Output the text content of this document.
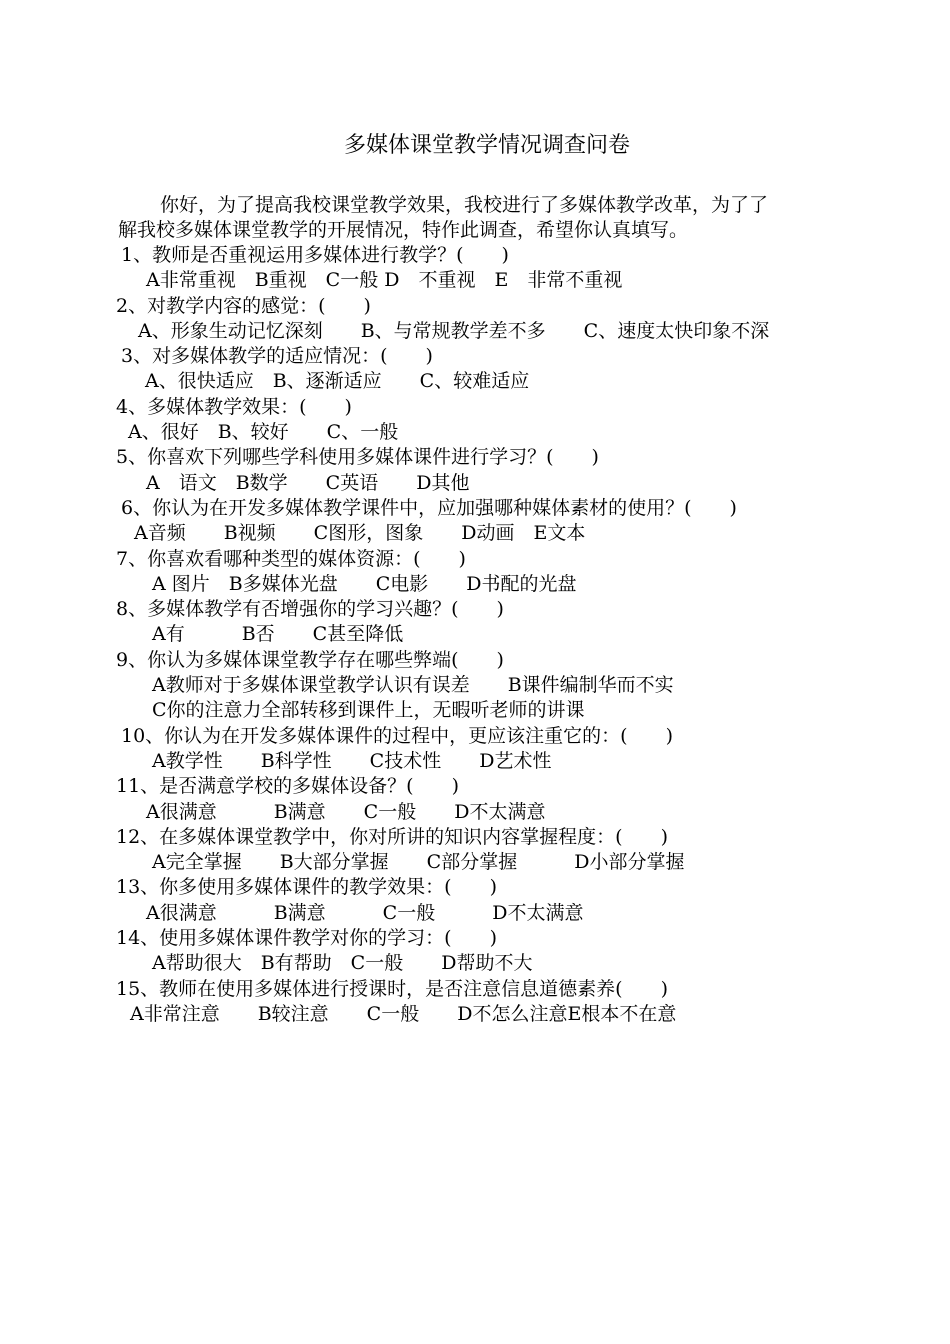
多媒体课堂教学情况调查问卷

你好，为了提高我校课堂教学效果，我校进行了多媒体教学改革，为了了

解我校多媒体课堂教学的开展情况，特作此调查，希望你认真填写。

1、教师是否重视运用多媒体进行教学？(　　)
A非常重视　B重视　C一般 D　不重视　E　非常不重视
2、对教学内容的感觉：(　　)
A、形象生动记忆深刻　　B、与常规教学差不多　　C、速度太快印象不深
3、对多媒体教学的适应情况：(　　)
A、很快适应　B、逐渐适应　　C、较难适应
4、多媒体教学效果：(　　)
A、很好　B、较好　　C、一般
5、你喜欢下列哪些学科使用多媒体课件进行学习？(　　)
A　语文　B数学　　C英语　　D其他
6、你认为在开发多媒体教学课件中，应加强哪种媒体素材的使用？(　　)
A音频　　B视频　　C图形，图象　　D动画　E文本
7、你喜欢看哪种类型的媒体资源：(　　)
A 图片　B多媒体光盘　　C电影　　D书配的光盘
8、多媒体教学有否增强你的学习兴趣？(　　)
A有　　　B否　　C甚至降低
9、你认为多媒体课堂教学存在哪些弊端(　　)
A教师对于多媒体课堂教学认识有误差　　B课件编制华而不实
C你的注意力全部转移到课件上，无暇听老师的讲课
10、你认为在开发多媒体课件的过程中，更应该注重它的：(　　)
A教学性　　B科学性　　C技术性　　D艺术性
11、是否满意学校的多媒体设备？(　　)
A很满意　　　B满意　　C一般　　D不太满意
12、在多媒体课堂教学中，你对所讲的知识内容掌握程度：(　　)
A完全掌握　　B大部分掌握　　C部分掌握　　　D小部分掌握
13、你多使用多媒体课件的教学效果：(　　)
A很满意　　　B满意　　　C一般　　　D不太满意
14、使用多媒体课件教学对你的学习：(　　)
A帮助很大　B有帮助　C一般　　D帮助不大
15、教师在使用多媒体进行授课时，是否注意信息道德素养(　　)
A非常注意　　B较注意　　C一般　　D不怎么注意E根本不在意
